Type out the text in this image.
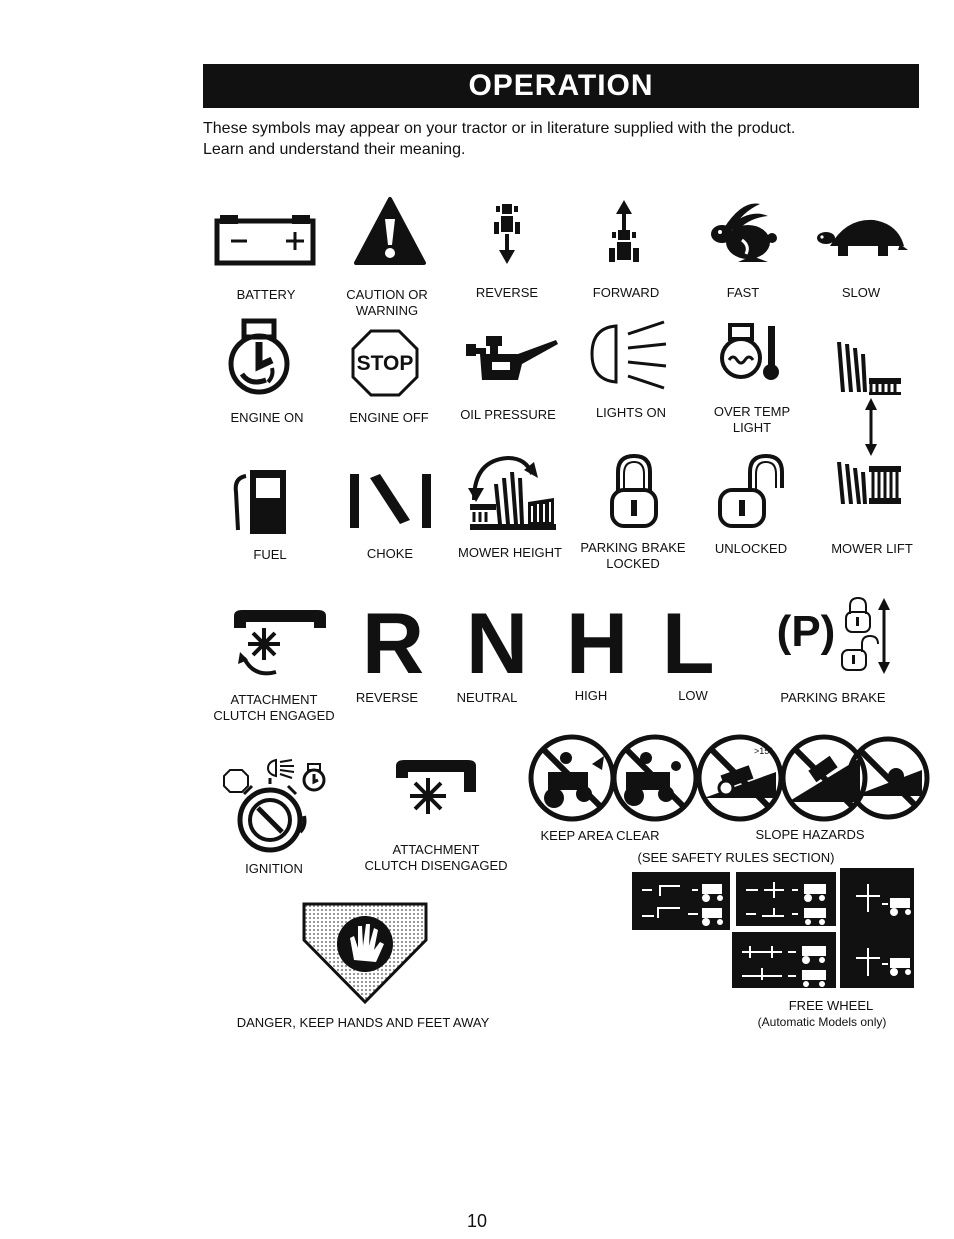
OPERATION
These symbols may appear on your tractor or in literature supplied with the product.
Learn and understand their meaning.
BATTERY	CAUTION OR
WARNING
REVERSE	FORWARD	FAST	SLOW
ENGINE ON
STOP
ENGINE OFF	OIL PRESSURE	LIGHTS ON	OVER TEMP
LIGHT
FUEL	CHOKE	MOWER HEIGHT	PARKING BRAKE
LOCKED
UNLOCKED	MOWER LIFT
ATTACHMENT
CLUTCH ENGAGED
R
REVERSE
N
NEUTRAL
H
HIGH
L
LOW
(P)
PARKING BRAKE
IGNITION
ATTACHMENT
CLUTCH DISENGAGED
>15°
KEEP AREA CLEAR	SLOPE HAZARDS
(SEE SAFETY RULES SECTION)
FREE WHEEL
(Automatic Models only)
DANGER, KEEP HANDS AND FEET AWAY
10
